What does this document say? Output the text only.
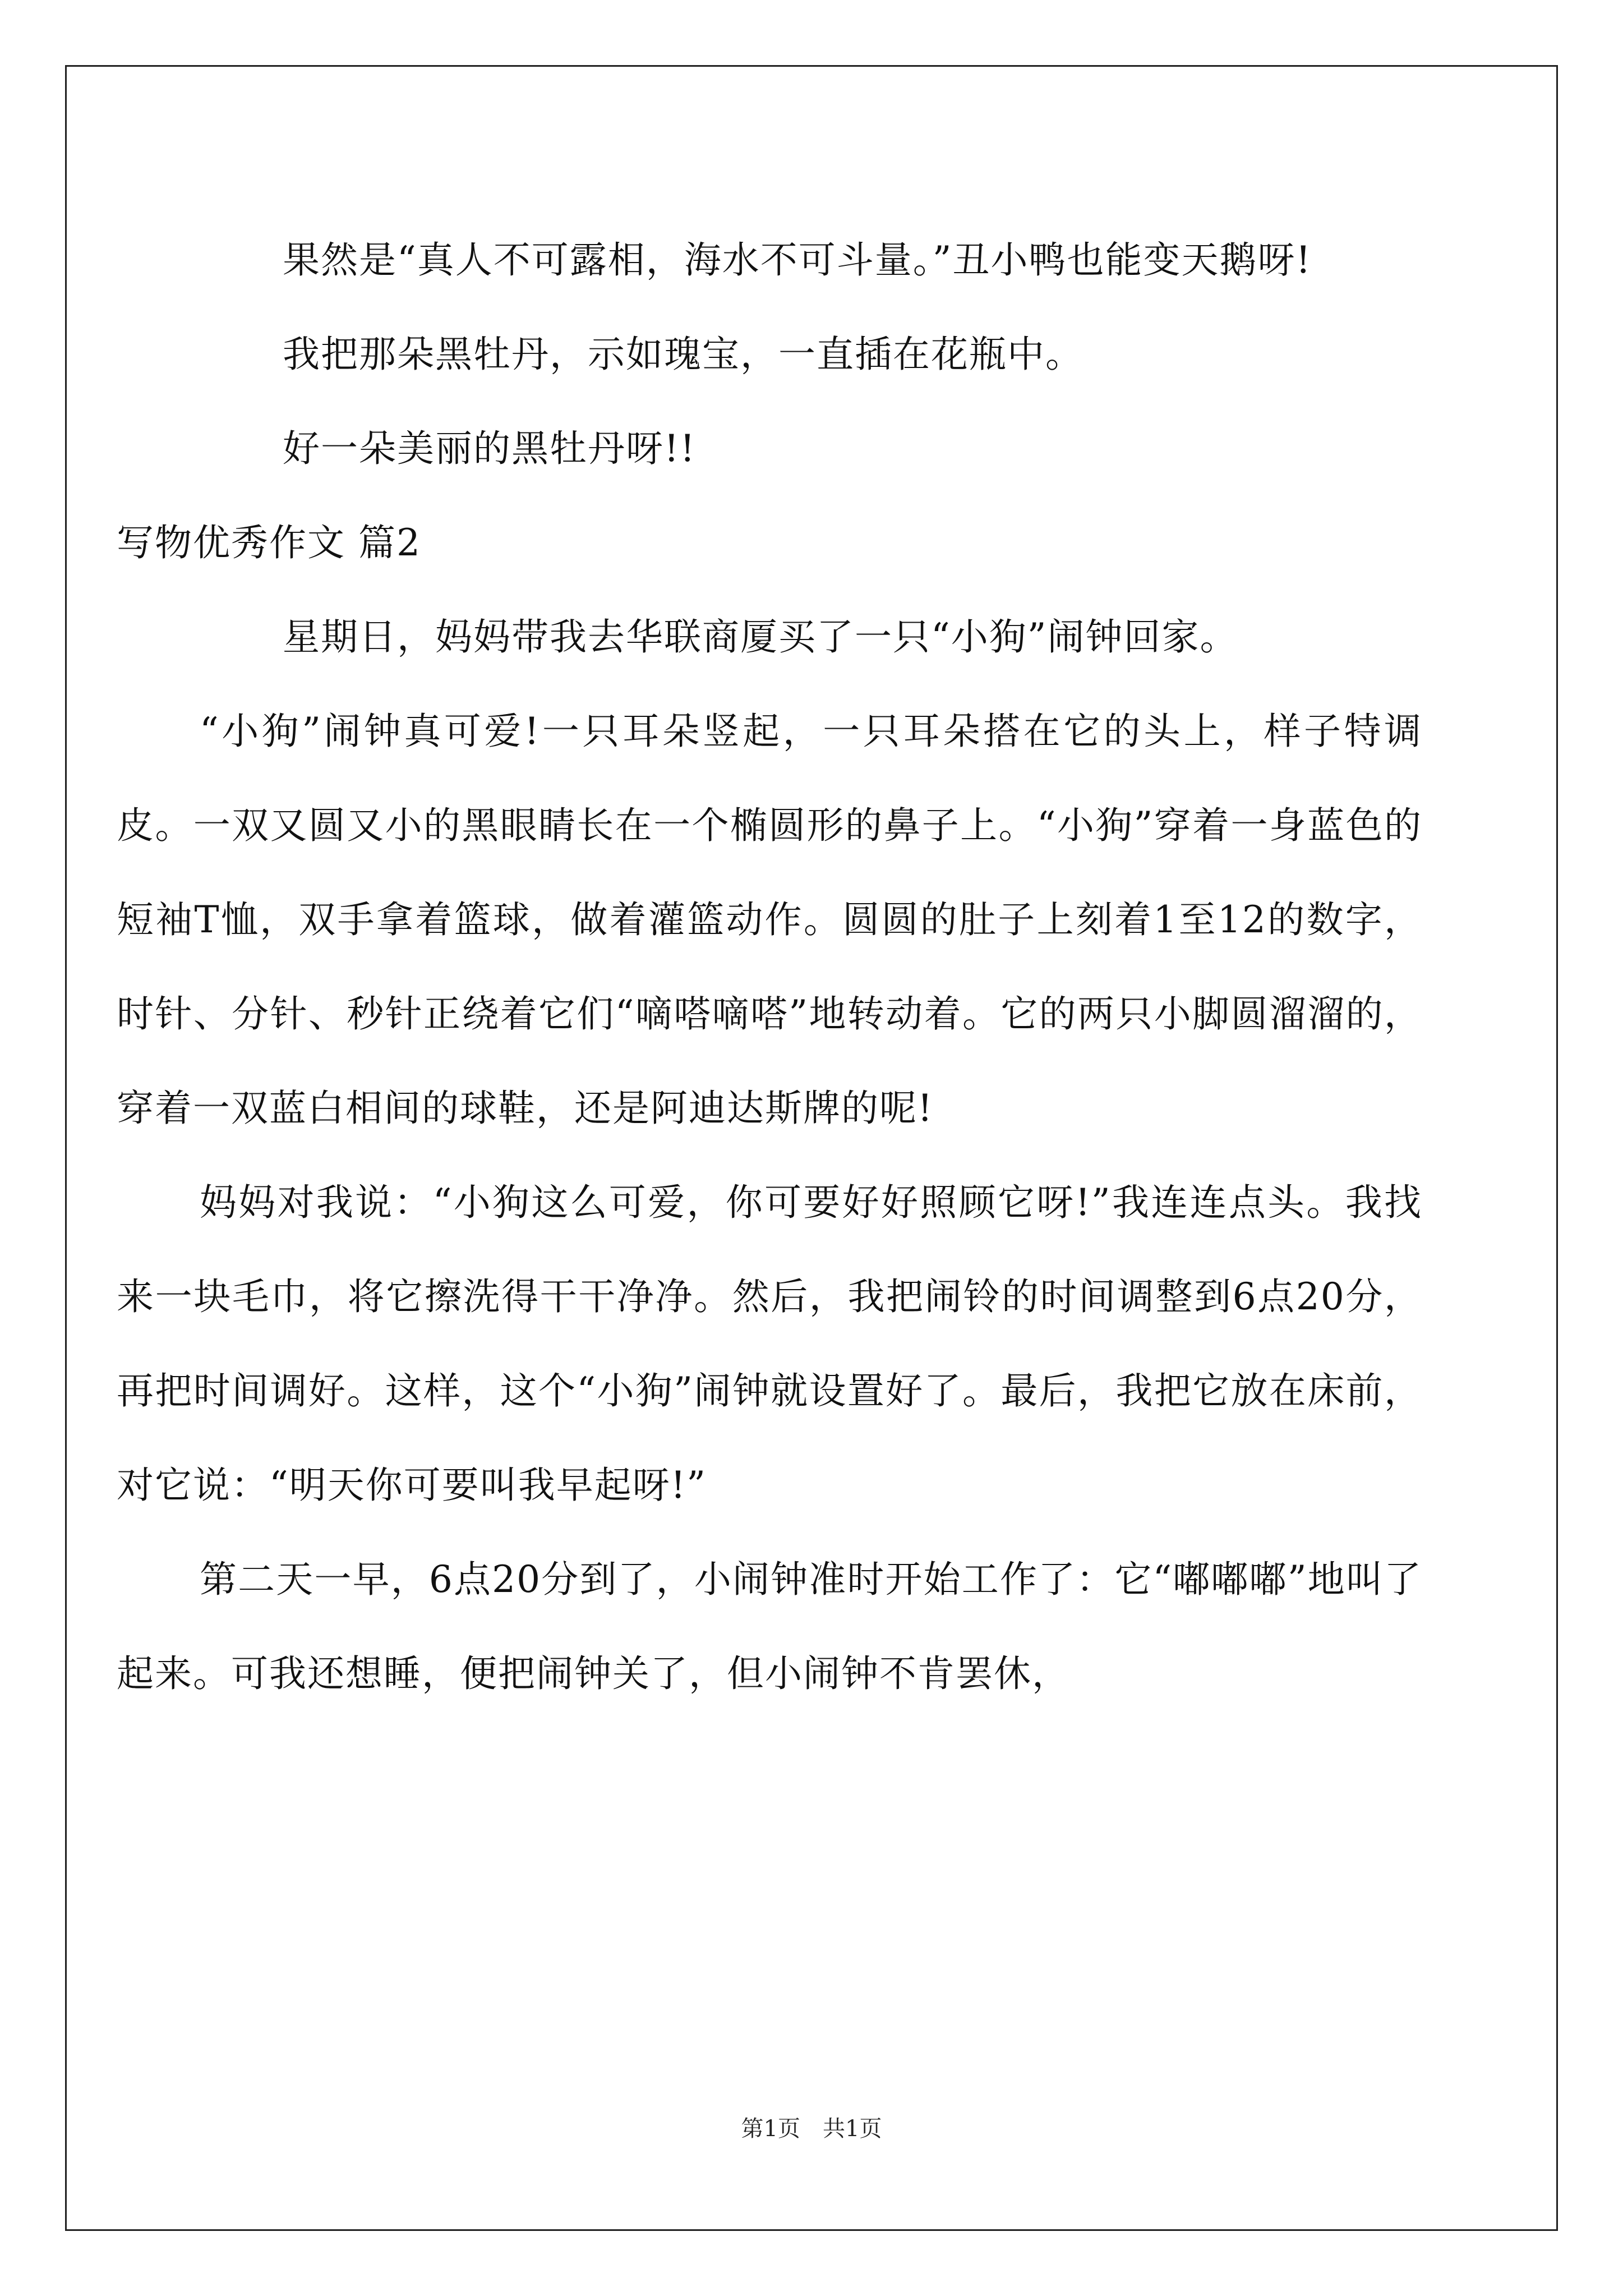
果然是“真人不可露相，海水不可斗量。”丑小鸭也能变天鹅呀!

我把那朵黑牡丹，示如瑰宝，一直插在花瓶中。

好一朵美丽的黑牡丹呀!!

写物优秀作文 篇2

星期日，妈妈带我去华联商厦买了一只“小狗”闹钟回家。

“小狗”闹钟真可爱!一只耳朵竖起，一只耳朵搭在它的头上，样子特调皮。一双又圆又小的黑眼睛长在一个椭圆形的鼻子上。“小狗”穿着一身蓝色的短袖T恤，双手拿着篮球，做着灌篮动作。圆圆的肚子上刻着1至12的数字，时针、分针、秒针正绕着它们“嘀嗒嘀嗒”地转动着。它的两只小脚圆溜溜的，穿着一双蓝白相间的球鞋，还是阿迪达斯牌的呢!

妈妈对我说：“小狗这么可爱，你可要好好照顾它呀!”我连连点头。我找来一块毛巾，将它擦洗得干干净净。然后，我把闹铃的时间调整到6点20分，再把时间调好。这样，这个“小狗”闹钟就设置好了。最后，我把它放在床前，对它说：“明天你可要叫我早起呀!”

第二天一早，6点20分到了，小闹钟准时开始工作了：它“嘟嘟嘟”地叫了起来。可我还想睡，便把闹钟关了，但小闹钟不肯罢休，

第1页　共1页
